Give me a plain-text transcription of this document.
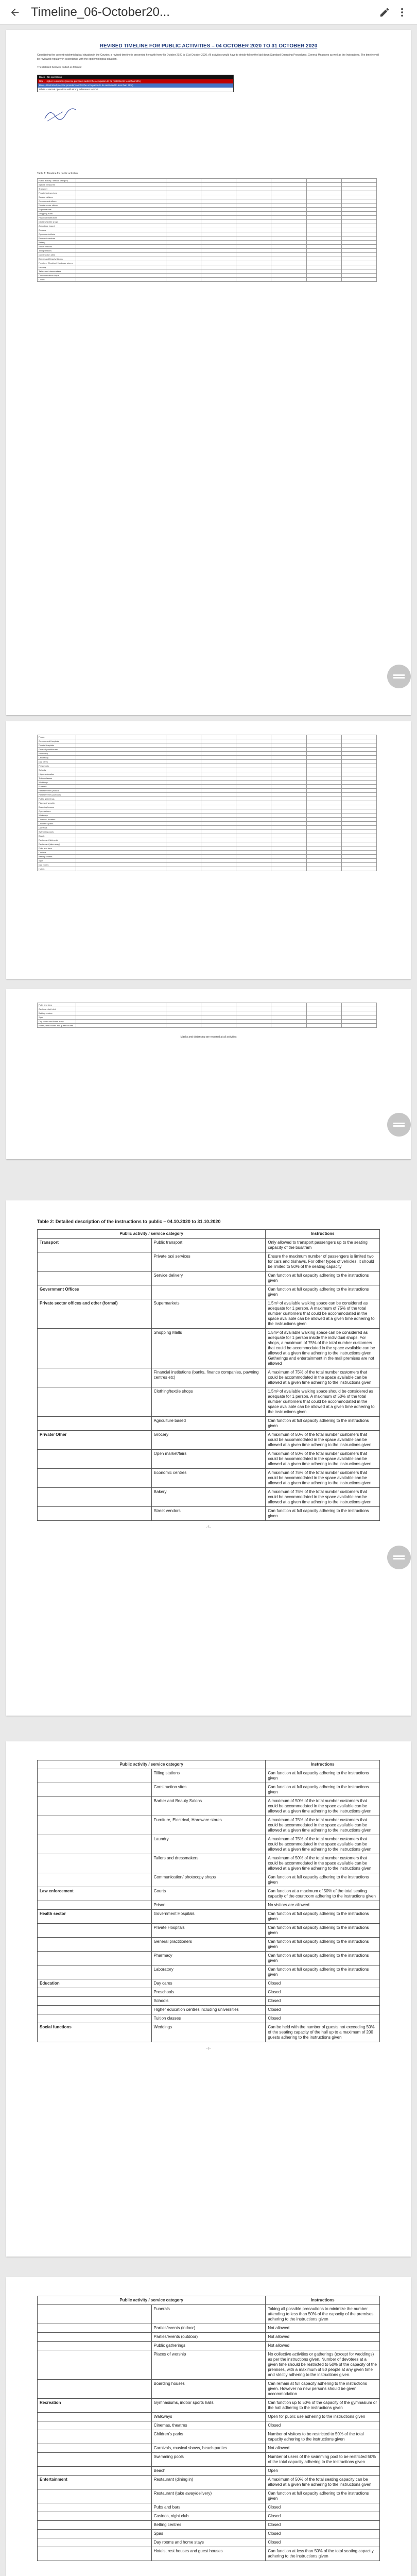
Timeline_06-October20...
REVISED TIMELINE FOR PUBLIC ACTIVITIES – 04 OCTOBER 2020 TO 31 OCTOBER 2020
Considering the current epidemiological situation in the Country, a revised timeline is presented herewith from 4th October 2020 to 31st October 2020. All activities would have to strictly follow the laid down Standard Operating Procedures, General Measures as well as the Instructions. The timeline will be reviewed regularly in accordance with the epidemiological situation.
The detailed below is coded as follows:
Black – No operations
Red – Higher restrictions (service providers and/or the occupation to be restricted to less than 50%)
Blue – Restricted (service providers and/or the occupation to be restricted to less than 75%)
White – Normal operations with strong adherence to SOP
Table 1: Timeline for public activities
Public activity / service category							
Special Measures							
Transport							
Private taxi services							
Service delivery							
Government offices							
Private sector offices							
Supermarkets							
Shopping malls							
Financial institutions							
Clothing/textile shops							
Agriculture based							
Grocery							
Open market/fairs							
Economic centres							
Bakery							
Street vendors							
Tilling stations							
Construction sites							
Barber and Beauty Salons							
Furniture, Electrical, Hardware stores							
Laundry							
Tailors and dressmakers							
Communication shops							
Courts							
Prison							
Government Hospitals							
Private Hospitals							
General practitioners							
Pharmacy							
Laboratory							
Day cares							
Preschools							
Schools							
Higher education							
Tuition classes							
Weddings							
Funerals							
Parties/events (indoor)							
Parties/events (outdoor)							
Public gatherings							
Places of worship							
Boarding houses							
Gymnasiums							
Walkways							
Cinemas, theatres							
Children's parks							
Carnivals							
Swimming pools							
Beach							
Restaurant (dining in)							
Restaurant (take away)							
Pubs and bars							
Casinos							
Betting centres							
Spas							
Day rooms							
Hotels							
Pubs and bars							
Casinos, night club							
Betting centres							
Spas							
Day rooms and home stays							
Hotels, rest houses and guest houses							
Masks and distancing are required at all activities
Table 2: Detailed description of the instructions to public – 04.10.2020 to 31.10.2020
Public activity / service category		Instructions
Transport	Public transport	Only allowed to transport passengers up to the seating capacity of the bus/tram
	Private taxi services	Ensure the maximum number of passengers is limited two for cars and trishaws. For other types of vehicles, it should be limited to 50% of the seating capacity
	Service delivery	Can function at full capacity adhering to the instructions given
Government Offices		Can function at full capacity adhering to the instructions given
Private sector offices and other (formal)	Supermarkets	1.5m² of available walking space can be considered as adequate for 1 person. A maximum of 75% of the total number customers that could be accommodated in the space available can be allowed at a given time adhering to the instructions given
	Shopping Malls	1.5m² of available walking space can be considered as adequate for 1 person inside the individual shops. For shops, a maximum of 75% of the total number customers that could be accommodated in the space available can be allowed at a given time adhering to the instructions given. Gatherings and entertainment in the mall premises are not allowed
	Financial institutions (banks, finance companies, pawning centres etc)	A maximum of 75% of the total number customers that could be accommodated in the space available can be allowed at a given time adhering to the instructions given
	Clothing/textile shops	1.5m² of available walking space should be considered as adequate for 1 person. A maximum of 50% of the total number customers that could be accommodated in the space available can be allowed at a given time adhering to the instructions given
	Agriculture based	Can function at full capacity adhering to the instructions given
Private/ Other	Grocery	A maximum of 50% of the total number customers that could be accommodated in the space available can be allowed at a given time adhering to the instructions given
	Open market/fairs	A maximum of 50% of the total number customers that could be accommodated in the space available can be allowed at a given time adhering to the instructions given
	Economic centres	A maximum of 75% of the total number customers that could be accommodated in the space available can be allowed at a given time adhering to the instructions given
	Bakery	A maximum of 75% of the total number customers that could be accommodated in the space available can be allowed at a given time adhering to the instructions given
	Street vendors	Can function at full capacity adhering to the instructions given
- 5 -
Public activity / service category		Instructions
	Tilling stations	Can function at full capacity adhering to the instructions given
	Construction sites	Can function at full capacity adhering to the instructions given
	Barber and Beauty Salons	A maximum of 50% of the total number customers that could be accommodated in the space available can be allowed at a given time adhering to the instructions given
	Furniture, Electrical, Hardware stores	A maximum of 75% of the total number customers that could be accommodated in the space available can be allowed at a given time adhering to the instructions given
	Laundry	A maximum of 75% of the total number customers that could be accommodated in the space available can be allowed at a given time adhering to the instructions given
	Tailors and dressmakers	A maximum of 50% of the total number customers that could be accommodated in the space available can be allowed at a given time adhering to the instructions given
	Communication/ photocopy shops	Can function at full capacity adhering to the instructions given
Law enforcement	Courts	Can function at a maximum of 50% of the total seating capacity of the courtroom adhering to the instructions given
	Prison	No visitors are allowed
Health sector	Government Hospitals	Can function at full capacity adhering to the instructions given
	Private Hospitals	Can function at full capacity adhering to the instructions given
	General practitioners	Can function at full capacity adhering to the instructions given
	Pharmacy	Can function at full capacity adhering to the instructions given
	Laboratory	Can function at full capacity adhering to the instructions given
Education	Day cares	Closed
	Preschools	Closed
	Schools	Closed
	Higher education centres including universities	Closed
	Tuition classes	Closed
Social functions	Weddings	Can be held with the number of guests not exceeding 50% of the seating capacity of the hall up to a maximum of 200 guests adhering to the instructions given
- 6 -
Public activity / service category		Instructions
	Funerals	Taking all possible precautions to minimize the number attending to less than 50% of the capacity of the premises adhering to the instructions given
	Parties/events (indoor)	Not allowed
	Parties/events (outdoor)	Not allowed
	Public gatherings	Not allowed
	Places of worship	No collective activities or gatherings (except for weddings) as per the instructions given. Number of devotees at a given time should be restricted to 50% of the capacity of the premises, with a maximum of 50 people at any given time and strictly adhering to the instructions given.
	Boarding houses	Can remain at full capacity adhering to the instructions given. However no new persons should be given accommodation
Recreation	Gymnasiums, indoor sports halls	Can function up to 50% of the capacity of the gymnasium or the hall adhering to the instructions given
	Walkways	Open for public use adhering to the instructions given
	Cinemas, theatres	Closed
	Children's parks	Number of visitors to be restricted to 50% of the total capacity adhering to the instructions given
	Carnivals, musical shows, beach parties	Not allowed
	Swimming pools	Number of users of the swimming pool to be restricted 50% of the total capacity adhering to the instructions given
	Beach	Open
Entertainment	Restaurant (dining in)	A maximum of 50% of the total seating capacity can be allowed at a given time adhering to the instructions given
	Restaurant (take away/delivery)	Can function at full capacity adhering to the instructions given
	Pubs and bars	Closed
	Casinos, night club	Closed
	Betting centres	Closed
	Spas	Closed
	Day rooms and home stays	Closed
	Hotels, rest houses and guest houses	Can function at less than 50% of the total seating capacity adhering to the instructions given
